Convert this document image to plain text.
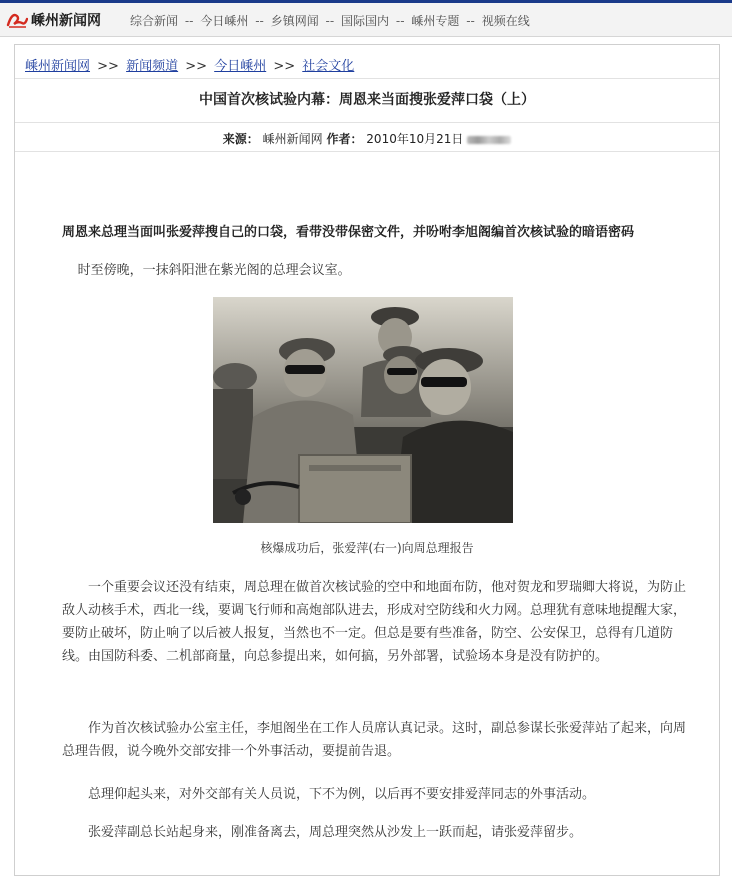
嵊州新闻网 综合新闻 -- 今日嵊州 -- 乡镇网闻 -- 国际国内 -- 嵊州专题 -- 视频在线
嵊州新闻网 >> 新闻频道 >> 今日嵊州 >> 社会文化
中国首次核试验内幕：周恩来当面搜张爱萍口袋（上）
来源： 嵊州新闻网 作者： 2010年10月21日
周恩来总理当面叫张爱萍搜自己的口袋，看带没带保密文件，并吩咐李旭阁编首次核试验的暗语密码
时至傍晚，一抹斜阳泄在紫光阁的总理会议室。
核爆成功后，张爱萍(右一)向周总理报告
一个重要会议还没有结束，周总理在做首次核试验的空中和地面布防，他对贺龙和罗瑞卿大将说，为防止敌人动核手术，西北一线，要调飞行师和高炮部队进去，形成对空防线和火力网。总理犹有意味地提醒大家，要防止破坏，防止响了以后被人报复，当然也不一定。但总是要有些准备，防空、公安保卫，总得有几道防线。由国防科委、二机部商量，向总参提出来，如何搞，另外部署，试验场本身是没有防护的。
作为首次核试验办公室主任，李旭阁坐在工作人员席认真记录。这时，副总参谋长张爱萍站了起来，向周总理告假，说今晚外交部安排一个外事活动，要提前告退。
总理仰起头来，对外交部有关人员说，下不为例，以后再不要安排爱萍同志的外事活动。
张爱萍副总长站起身来，刚准备离去，周总理突然从沙发上一跃而起，请张爱萍留步。
